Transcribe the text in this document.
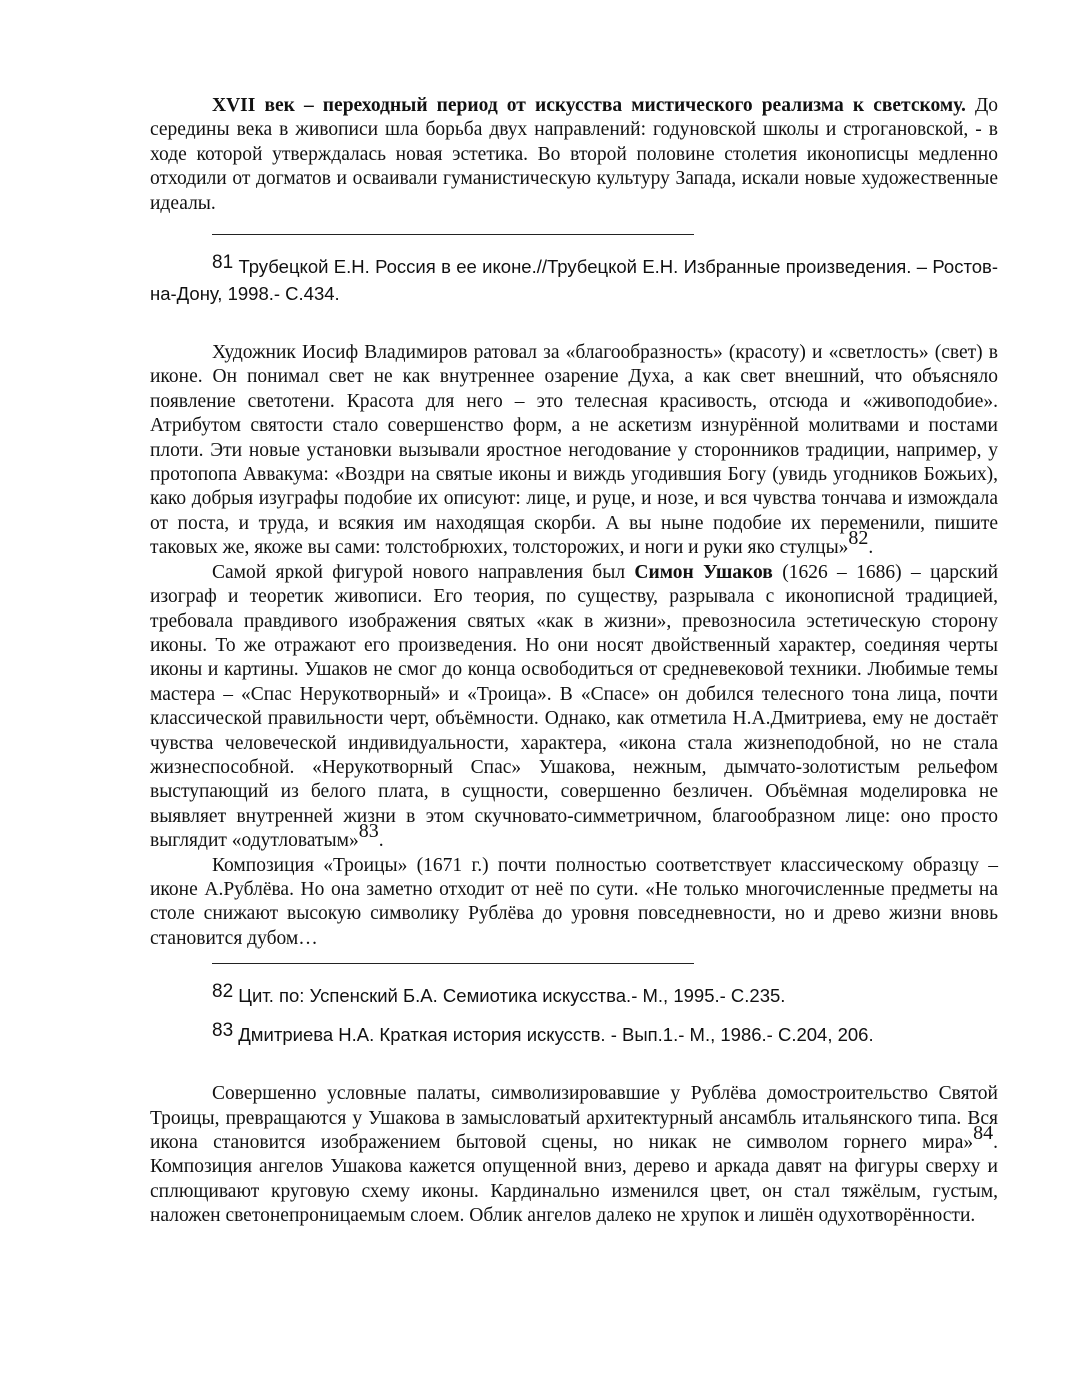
XVII век – переходный период от искусства мистического реализма к светскому. До середины века в живописи шла борьба двух направлений: годуновской школы и строгановской, - в ходе которой утверждалась новая эстетика. Во второй половине столетия иконописцы медленно отходили от догматов и осваивали гуманистическую культуру Запада, искали новые художественные идеалы.

81 Трубецкой Е.Н. Россия в ее иконе.//Трубецкой Е.Н. Избранные произведения. – Ростов-на-Дону, 1998.- С.434.

Художник Иосиф Владимиров ратовал за «благообразность» (красоту) и «светлость» (свет) в иконе. Он понимал свет не как внутреннее озарение Духа, а как свет внешний, что объясняло появление светотени. Красота для него – это телесная красивость, отсюда и «живоподобие». Атрибутом святости стало совершенство форм, а не аскетизм изнурённой молитвами и постами плоти. Эти новые установки вызывали яростное негодование у сторонников традиции, например, у протопопа Аввакума: «Воздри на святые иконы и виждь угодившия Богу (увидь угодников Божьих), како добрыя изуграфы подобие их описуют: лице, и руце, и нозе, и вся чувства тончава и измождала от поста, и труда, и всякия им находящая скорби. А вы ныне подобие их переменили, пишите таковых же, якоже вы сами: толстобрюхих, толсторожих, и ноги и руки яко стулцы»$^{82}$.

Самой яркой фигурой нового направления был Симон Ушаков (1626 – 1686) – царский изограф и теоретик живописи. Его теория, по существу, разрывала с иконописной традицией, требовала правдивого изображения святых «как в жизни», превозносила эстетическую сторону иконы. То же отражают его произведения. Но они носят двойственный характер, соединяя черты иконы и картины. Ушаков не смог до конца освободиться от средневековой техники. Любимые темы мастера – «Спас Нерукотворный» и «Троица». В «Спасе» он добился телесного тона лица, почти классической правильности черт, объёмности. Однако, как отметила Н.А.Дмитриева, ему не достаёт чувства человеческой индивидуальности, характера, «икона стала жизнеподобной, но не стала жизнеспособной. «Нерукотворный Спас» Ушакова, нежным, дымчато-золотистым рельефом выступающий из белого плата, в сущности, совершенно безличен. Объёмная моделировка не выявляет внутренней жизни в этом скучновато-симметричном, благообразном лице: оно просто выглядит «одутловатым»$^{83}$.

Композиция «Троицы» (1671 г.) почти полностью соответствует классическому образцу – иконе А.Рублёва. Но она заметно отходит от неё по сути. «Не только многочисленные предметы на столе снижают высокую символику Рублёва до уровня повседневности, но и древо жизни вновь становится дубом…

82 Цит. по: Успенский Б.А. Семиотика искусства.- М., 1995.- С.235.

83 Дмитриева Н.А. Краткая история искусств. - Вып.1.- М., 1986.- С.204, 206.

Совершенно условные палаты, символизировавшие у Рублёва домостроительство Святой Троицы, превращаются у Ушакова в замысловатый архитектурный ансамбль итальянского типа. Вся икона становится изображением бытовой сцены, но никак не символом горнего мира»$^{84}$. Композиция ангелов Ушакова кажется опущенной вниз, дерево и аркада давят на фигуры сверху и сплющивают круговую схему иконы. Кардинально изменился цвет, он стал тяжёлым, густым, наложен светонепроницаемым слоем. Облик ангелов далеко не хрупок и лишён одухотворённости.
